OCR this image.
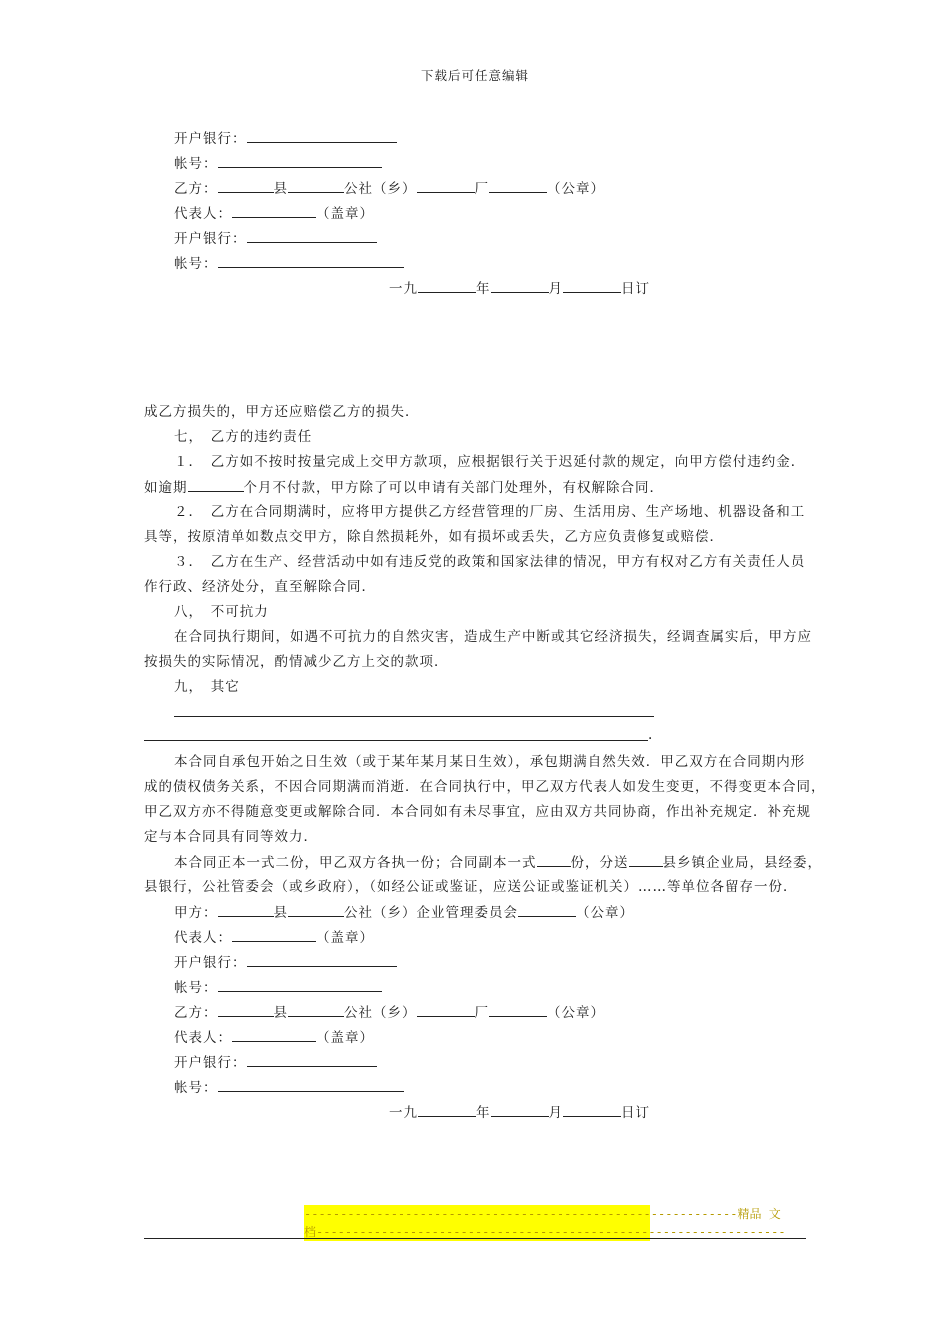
下载后可任意编辑
开户银行：
帐号：
乙方：	县	公社（乡）	厂	（公章）
代表人：	（盖章）
开户银行：
帐号：
一九	年	月	日订
成乙方损失的，甲方还应赔偿乙方的损失．
七，　乙方的违约责任
１．　乙方如不按时按量完成上交甲方款项，应根据银行关于迟延付款的规定，向甲方偿付违约金．
如逾期	个月不付款，甲方除了可以申请有关部门处理外，有权解除合同．
２．　乙方在合同期满时，应将甲方提供乙方经营管理的厂房、生活用房、生产场地、机器设备和工
具等，按原清单如数点交甲方，除自然损耗外，如有损坏或丢失，乙方应负责修复或赔偿．
３．　乙方在生产、经营活动中如有违反党的政策和国家法律的情况，甲方有权对乙方有关责任人员
作行政、经济处分，直至解除合同．
八，　不可抗力
在合同执行期间，如遇不可抗力的自然灾害，造成生产中断或其它经济损失，经调查属实后，甲方应
按损失的实际情况，酌情减少乙方上交的款项．
九，　其它
.
本合同自承包开始之日生效（或于某年某月某日生效），承包期满自然失效．甲乙双方在合同期内形
成的债权债务关系，不因合同期满而消逝．在合同执行中，甲乙双方代表人如发生变更，不得变更本合同，
甲乙双方亦不得随意变更或解除合同．本合同如有未尽事宜，应由双方共同协商，作出补充规定．补充规
定与本合同具有同等效力．
本合同正本一式二份，甲乙双方各执一份；合同副本一式	份，分送	县乡镇企业局，县经委，
县银行，公社管委会（或乡政府），（如经公证或鉴证，应送公证或鉴证机关）……等单位各留存一份．
甲方：	县	公社（乡）企业管理委员会	（公章）
代表人：	（盖章）
开户银行：
帐号：
乙方：	县	公社（乡）	厂	（公章）
代表人：	（盖章）
开户银行：
帐号：
一九	年	月	日订
------------------------------------------------------------精品 文
档-----------------------------------------------------------------
